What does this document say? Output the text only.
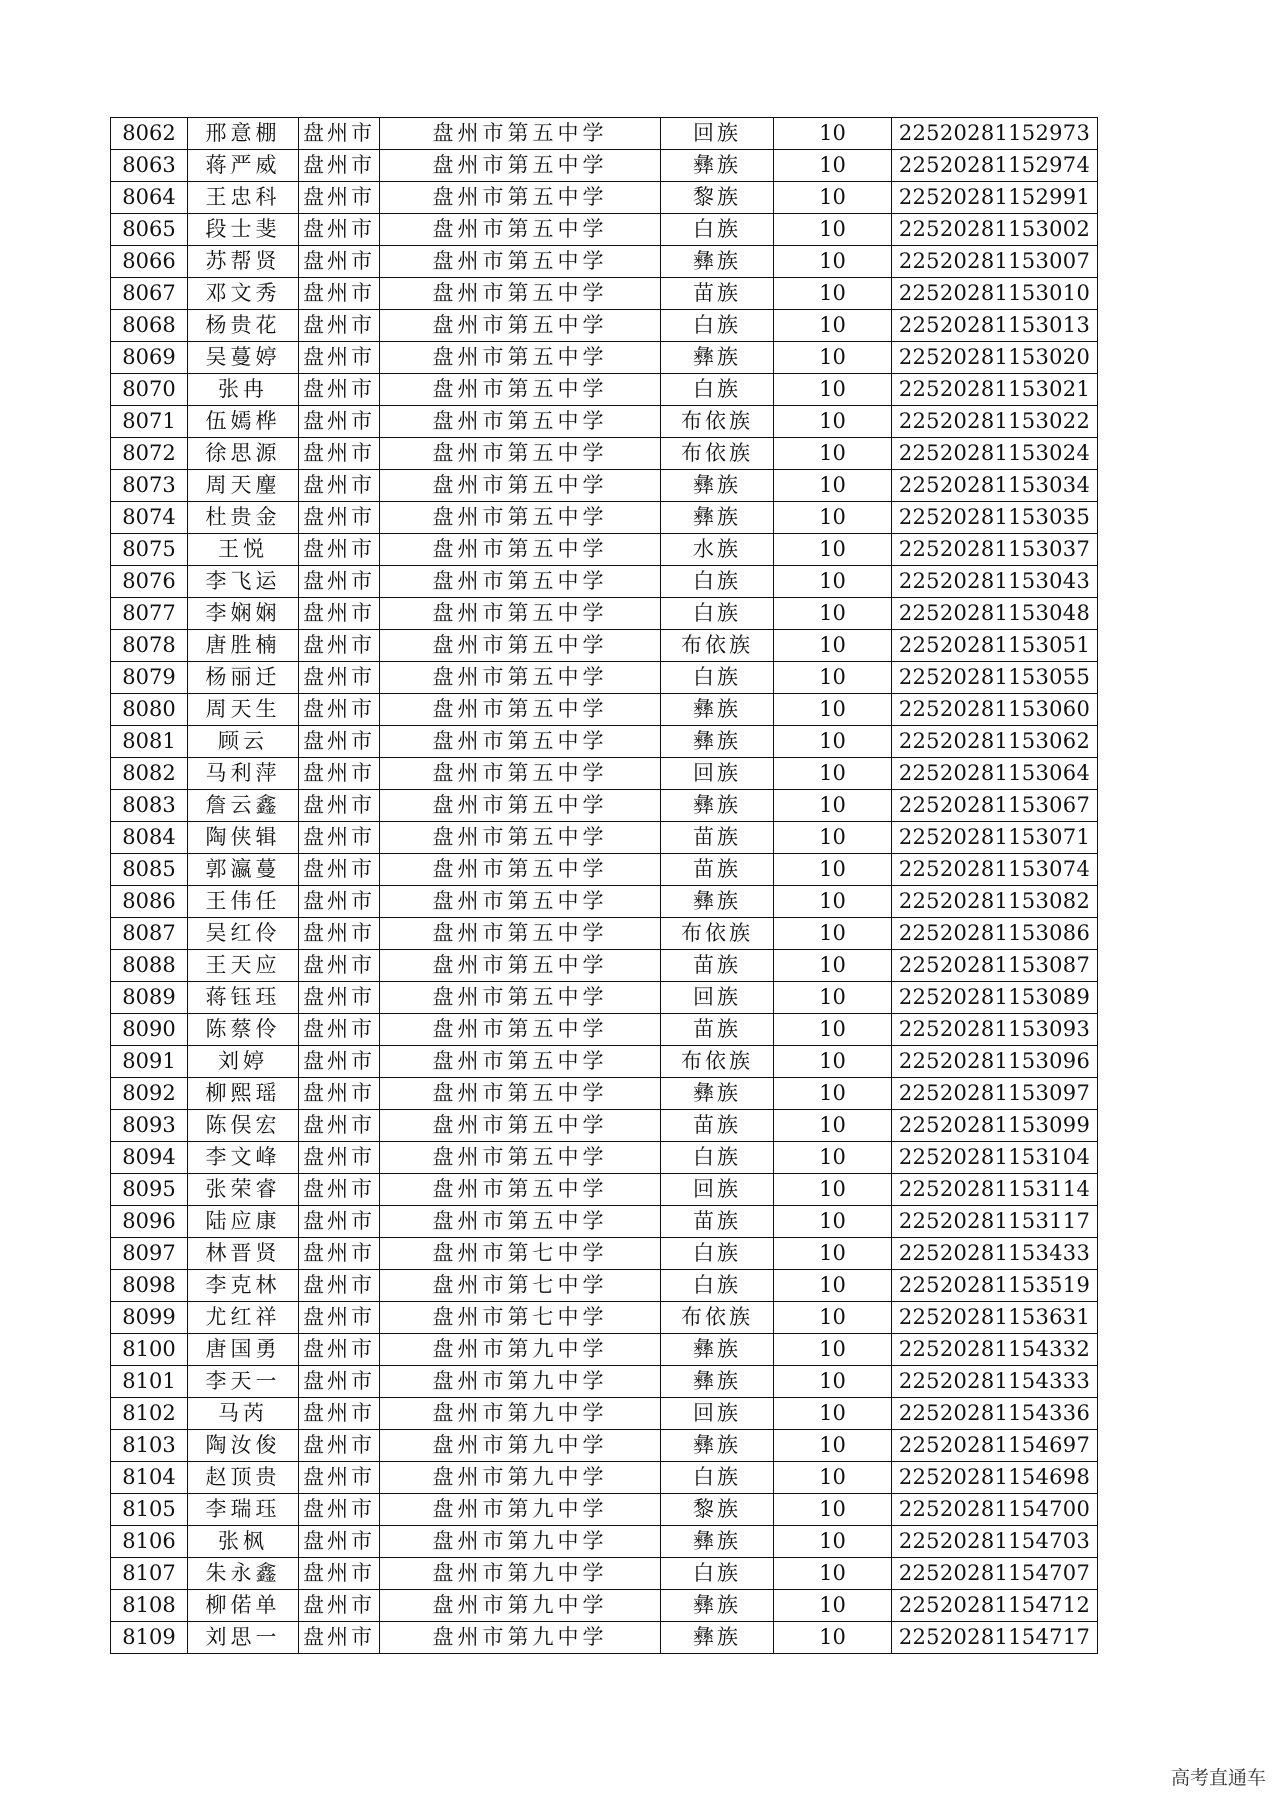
8062	邢意棚	盘州市	盘州市第五中学	回族	10	22520281152973
8063	蒋严威	盘州市	盘州市第五中学	彝族	10	22520281152974
8064	王忠科	盘州市	盘州市第五中学	黎族	10	22520281152991
8065	段士斐	盘州市	盘州市第五中学	白族	10	22520281153002
8066	苏帮贤	盘州市	盘州市第五中学	彝族	10	22520281153007
8067	邓文秀	盘州市	盘州市第五中学	苗族	10	22520281153010
8068	杨贵花	盘州市	盘州市第五中学	白族	10	22520281153013
8069	吴蔓婷	盘州市	盘州市第五中学	彝族	10	22520281153020
8070	张冉	盘州市	盘州市第五中学	白族	10	22520281153021
8071	伍嫣桦	盘州市	盘州市第五中学	布依族	10	22520281153022
8072	徐思源	盘州市	盘州市第五中学	布依族	10	22520281153024
8073	周天麈	盘州市	盘州市第五中学	彝族	10	22520281153034
8074	杜贵金	盘州市	盘州市第五中学	彝族	10	22520281153035
8075	王悦	盘州市	盘州市第五中学	水族	10	22520281153037
8076	李飞运	盘州市	盘州市第五中学	白族	10	22520281153043
8077	李娴娴	盘州市	盘州市第五中学	白族	10	22520281153048
8078	唐胜楠	盘州市	盘州市第五中学	布依族	10	22520281153051
8079	杨丽迁	盘州市	盘州市第五中学	白族	10	22520281153055
8080	周天生	盘州市	盘州市第五中学	彝族	10	22520281153060
8081	顾云	盘州市	盘州市第五中学	彝族	10	22520281153062
8082	马利萍	盘州市	盘州市第五中学	回族	10	22520281153064
8083	詹云鑫	盘州市	盘州市第五中学	彝族	10	22520281153067
8084	陶侠辑	盘州市	盘州市第五中学	苗族	10	22520281153071
8085	郭瀛蔓	盘州市	盘州市第五中学	苗族	10	22520281153074
8086	王伟任	盘州市	盘州市第五中学	彝族	10	22520281153082
8087	吴红伶	盘州市	盘州市第五中学	布依族	10	22520281153086
8088	王天应	盘州市	盘州市第五中学	苗族	10	22520281153087
8089	蒋钰珏	盘州市	盘州市第五中学	回族	10	22520281153089
8090	陈蔡伶	盘州市	盘州市第五中学	苗族	10	22520281153093
8091	刘婷	盘州市	盘州市第五中学	布依族	10	22520281153096
8092	柳熙瑶	盘州市	盘州市第五中学	彝族	10	22520281153097
8093	陈俣宏	盘州市	盘州市第五中学	苗族	10	22520281153099
8094	李文峰	盘州市	盘州市第五中学	白族	10	22520281153104
8095	张荣睿	盘州市	盘州市第五中学	回族	10	22520281153114
8096	陆应康	盘州市	盘州市第五中学	苗族	10	22520281153117
8097	林晋贤	盘州市	盘州市第七中学	白族	10	22520281153433
8098	李克林	盘州市	盘州市第七中学	白族	10	22520281153519
8099	尤红祥	盘州市	盘州市第七中学	布依族	10	22520281153631
8100	唐国勇	盘州市	盘州市第九中学	彝族	10	22520281154332
8101	李天一	盘州市	盘州市第九中学	彝族	10	22520281154333
8102	马芮	盘州市	盘州市第九中学	回族	10	22520281154336
8103	陶汝俊	盘州市	盘州市第九中学	彝族	10	22520281154697
8104	赵顶贵	盘州市	盘州市第九中学	白族	10	22520281154698
8105	李瑞珏	盘州市	盘州市第九中学	黎族	10	22520281154700
8106	张枫	盘州市	盘州市第九中学	彝族	10	22520281154703
8107	朱永鑫	盘州市	盘州市第九中学	白族	10	22520281154707
8108	柳偌单	盘州市	盘州市第九中学	彝族	10	22520281154712
8109	刘思一	盘州市	盘州市第九中学	彝族	10	22520281154717
高考直通车
